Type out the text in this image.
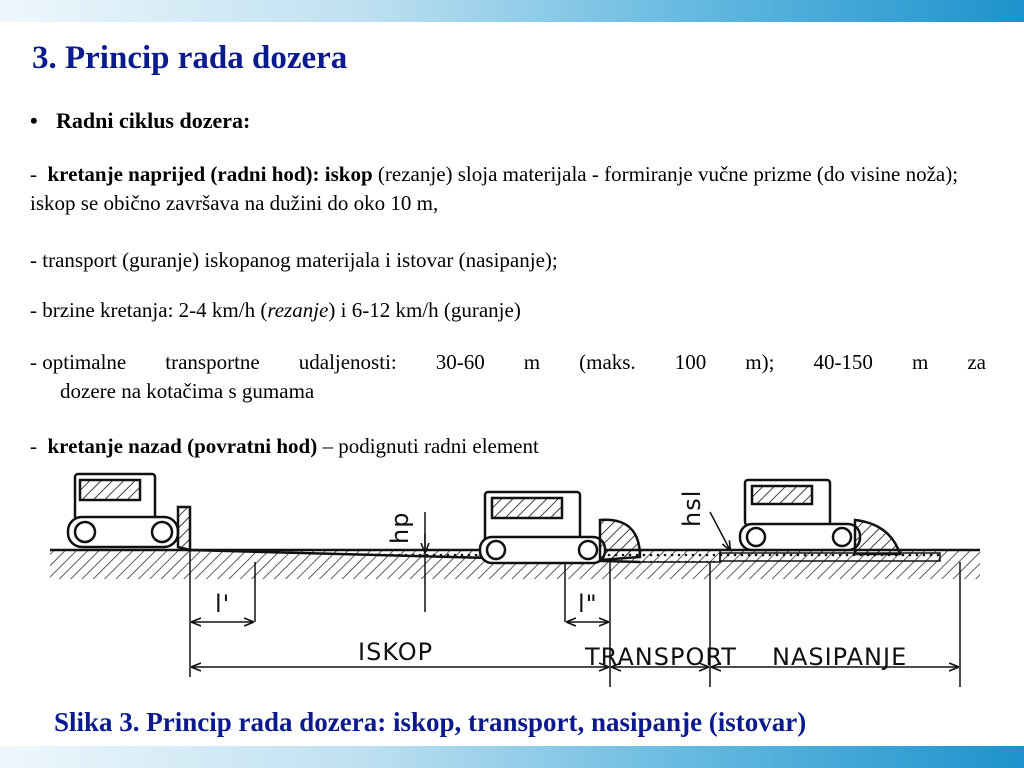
3. Princip rada dozera
• Radni ciklus dozera:
- kretanje naprijed (radni hod): iskop (rezanje) sloja materijala - formiranje vučne prizme (do visine noža); iskop se obično završava na dužini do oko 10 m,
- transport (guranje) iskopanog materijala i istovar (nasipanje);
- brzine kretanja: 2-4 km/h (rezanje) i 6-12 km/h (guranje)
- optimalne transportne udaljenosti: 30-60 m (maks. 100 m); 40-150 m za
dozere na kotačima s gumama
- kretanje nazad (povratni hod) – podignuti radni element
hp
hsl
l'	l"
ISKOP	TRANSPORT NASIPANJE

Slika 3. Princip rada dozera: iskop, transport, nasipanje (istovar)
